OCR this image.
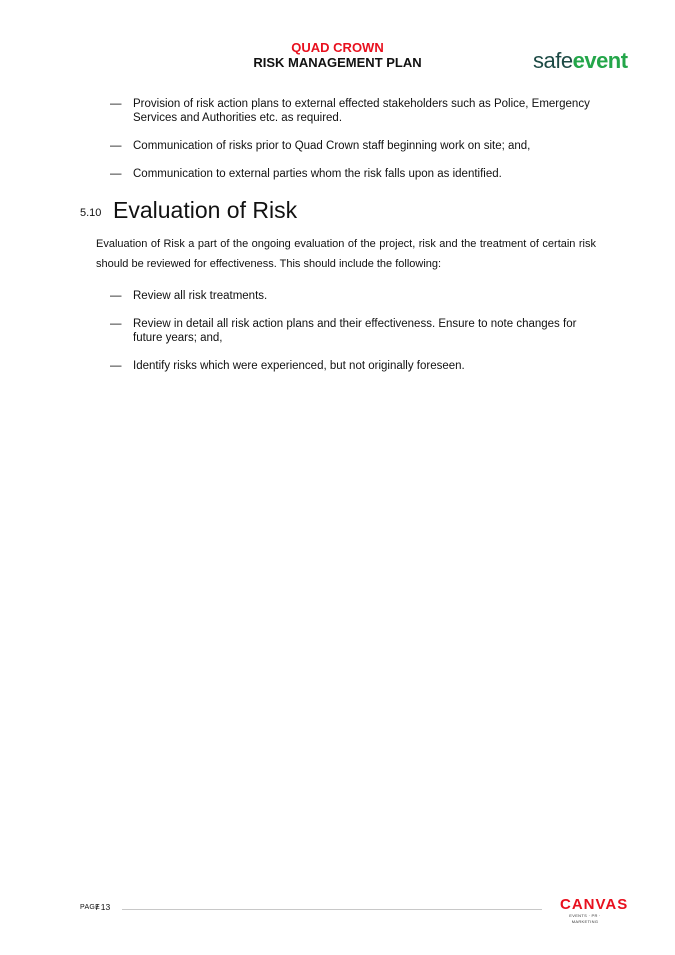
QUAD CROWN
RISK MANAGEMENT PLAN	safeevent
— Provision of risk action plans to external effected stakeholders such as Police, Emergency Services and Authorities etc. as required.
— Communication of risks prior to Quad Crown staff beginning work on site; and,
— Communication to external parties whom the risk falls upon as identified.
5.10 Evaluation of Risk
Evaluation of Risk a part of the ongoing evaluation of the project, risk and the treatment of certain risk should be reviewed for effectiveness. This should include the following:
— Review all risk treatments.
— Review in detail all risk action plans and their effectiveness. Ensure to note changes for future years; and,
— Identify risks which were experienced, but not originally foreseen.
PAGE
/ 13	CANVAS
EVENTS · PR · MARKETING
